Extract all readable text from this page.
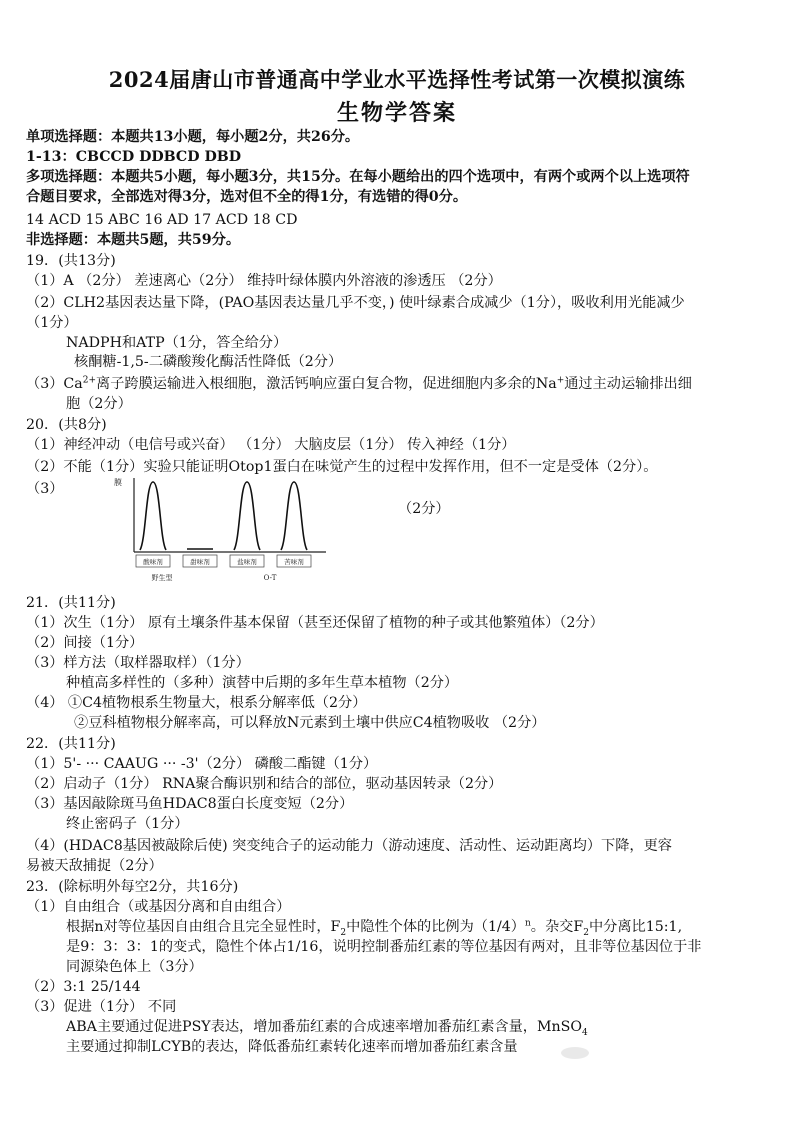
2024届唐山市普通高中学业水平选择性考试第一次模拟演练
生物学答案
单项选择题：本题共13小题，每小题2分，共26分。
1-13：CBCCD DDBCD DBD
多项选择题：本题共5小题，每小题3分，共15分。在每小题给出的四个选项中，有两个或两个以上选项符
合题目要求，全部选对得3分，选对但不全的得1分，有选错的得0分。
14 ACD 15 ABC 16 AD 17 ACD 18 CD
非选择题：本题共5题，共59分。
19．(共13分)
（1）A （2分） 差速离心（2分） 维持叶绿体膜内外溶液的渗透压 （2分）
（2）CLH2基因表达量下降，(PAO基因表达量几乎不变，) 使叶绿素合成减少（1分），吸收利用光能减少
（1分）
NADPH和ATP（1分，答全给分）
核酮糖-1,5-二磷酸羧化酶活性降低（2分）
$(3)Ca^{2+}$离子跨膜运输进入根细胞，激活钙响应蛋白复合物，促进细胞内多余的Na+通过主动运输排出细
胞（2分）
20．(共8分)
（1）神经冲动（电信号或兴奋） （1分） 大脑皮层（1分） 传入神经（1分）
（2）不能（1分）实验只能证明Otop1蛋白在味觉产生的过程中发挥作用，但不一定是受体（2分）。
（3）	膜
酸味剂	甜味剂	盐味剂	苦味剂
野生型	O-T
（2分）
21．(共11分)
（1）次生（1分） 原有土壤条件基本保留（甚至还保留了植物的种子或其他繁殖体）（2分）
（2）间接（1分）
（3）样方法（取样器取样）（1分）
种植高多样性的（多种）演替中后期的多年生草本植物（2分）
（4） ①C4植物根系生物量大，根系分解率低（2分）
②豆科植物根分解率高，可以释放N元素到土壤中供应C4植物吸收 （2分）
22．(共11分)
（1）5'- ··· CAAUG ··· -3'（2分） 磷酸二酯键（1分）
（2）启动子（1分） RNA聚合酶识别和结合的部位，驱动基因转录（2分）
（3）基因敲除斑马鱼HDAC8蛋白长度变短（2分）
终止密码子（1分）
（4）(HDAC8基因被敲除后使) 突变纯合子的运动能力（游动速度、活动性、运动距离均）下降，更容
易被天敌捕捉（2分）
23．(除标明外每空2分，共16分)
（1）自由组合（或基因分离和自由组合）
根据n对等位基因自由组合且完全显性时，$F_2$中隐性个体的比例为$(1/4)^n$。杂交$F_2$中分离比15:1,
是9：3：3：1的变式，隐性个体占1/16，说明控制番茄红素的等位基因有两对，且非等位基因位于非
同源染色体上（3分）
（2）3:1 25/144
（3）促进（1分） 不同
ABA主要通过促进PSY表达，增加番茄红素的合成速率增加番茄红素含量，MnSO$_4$
主要通过抑制LCYB的表达，降低番茄红素转化速率而增加番茄红素含量
